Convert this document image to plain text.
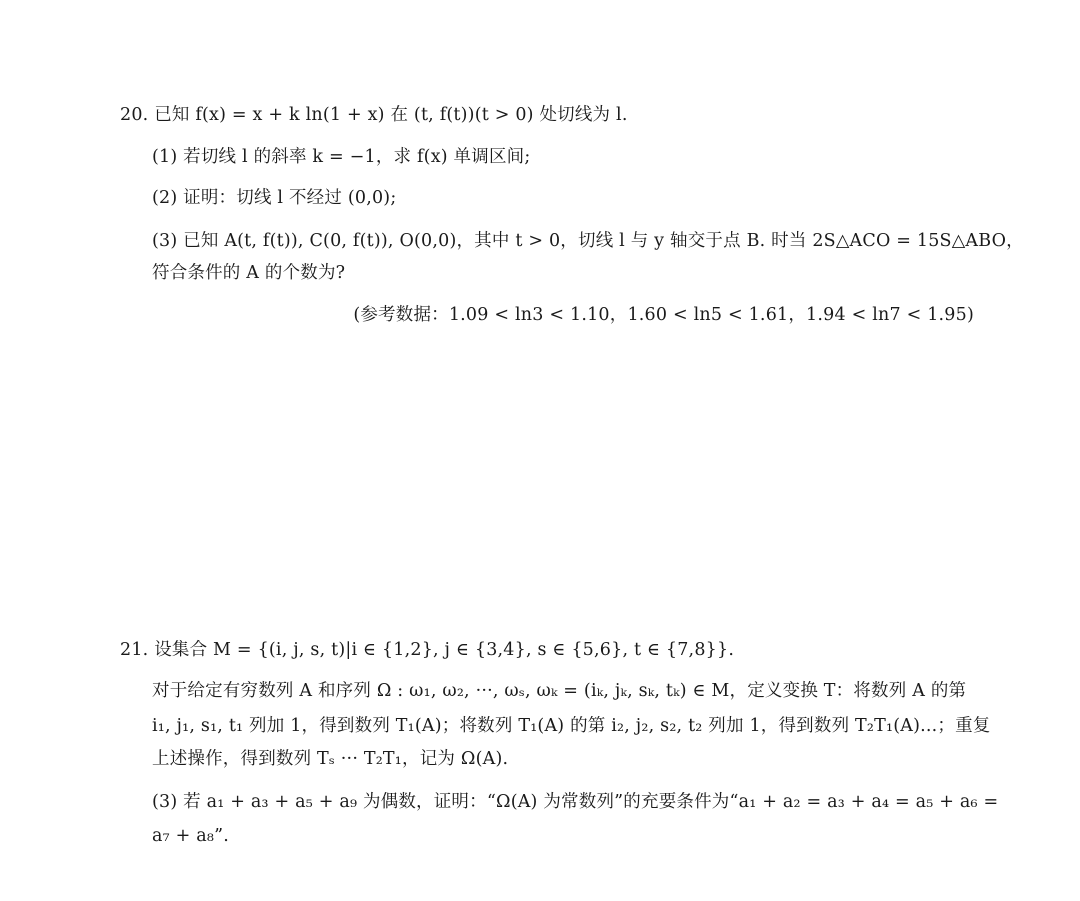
20. 已知 f(x) = x + k ln(1 + x) 在 (t, f(t))(t > 0) 处切线为 l.
(1) 若切线 l 的斜率 k = −1，求 f(x) 单调区间;
(2) 证明：切线 l 不经过 (0,0);
(3) 已知 A(t, f(t)), C(0, f(t)), O(0,0)，其中 t > 0，切线 l 与 y 轴交于点 B. 时当 2S△ACO = 15S△ABO，
符合条件的 A 的个数为?
(参考数据：1.09 < ln3 < 1.10，1.60 < ln5 < 1.61，1.94 < ln7 < 1.95)
21. 设集合 M = {(i, j, s, t)|i ∈ {1,2}, j ∈ {3,4}, s ∈ {5,6}, t ∈ {7,8}}.
对于给定有穷数列 A 和序列 Ω : ω₁, ω₂, ···, ωₛ, ωₖ = (iₖ, jₖ, sₖ, tₖ) ∈ M，定义变换 T：将数列 A 的第
i₁, j₁, s₁, t₁ 列加 1，得到数列 T₁(A)；将数列 T₁(A) 的第 i₂, j₂, s₂, t₂ 列加 1，得到数列 T₂T₁(A)...；重复
上述操作，得到数列 Tₛ ··· T₂T₁，记为 Ω(A).
(3) 若 a₁ + a₃ + a₅ + a₉ 为偶数，证明：“Ω(A) 为常数列”的充要条件为“a₁ + a₂ = a₃ + a₄ = a₅ + a₆ =
a₇ + a₈”.
